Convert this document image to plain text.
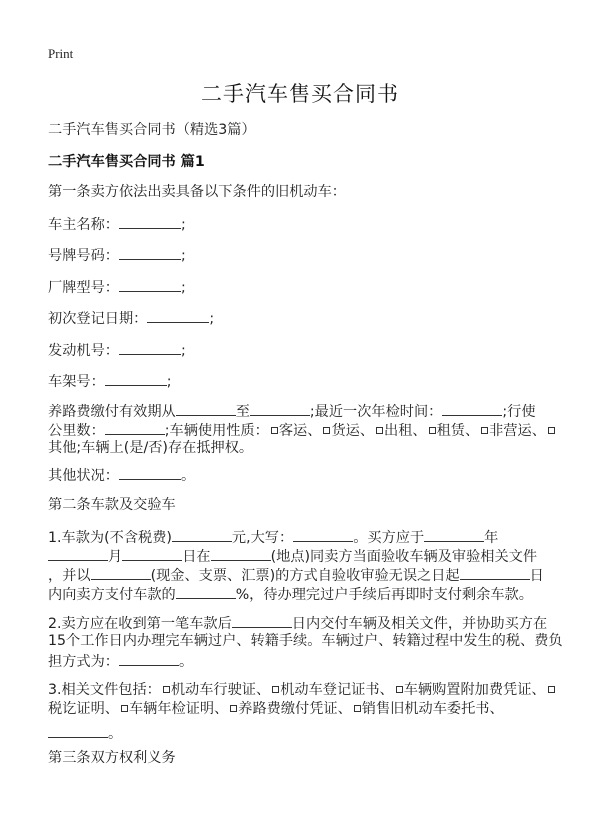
Print
二手汽车售买合同书
二手汽车售买合同书（精选3篇）
二手汽车售买合同书 篇1
第一条卖方依法出卖具备以下条件的旧机动车：
车主名称：	;
号牌号码：	;
厂牌型号：	;
初次登记日期：	;
发动机号：	;
车架号：	;
养路费缴付有效期从	至	;最近一次年检时间：	;行使
公里数：	;车辆使用性质： 客运、 货运、 出租、 租赁、 非营运、
其他;车辆上(是/否)存在抵押权。
其他状况：	。
第二条车款及交验车
1.车款为(不含税费)	元,大写：	。买方应于	年
月	日在	(地点)同卖方当面验收车辆及审验相关文件
，并以	(现金、支票、汇票)的方式自验收审验无误之日起	日
内向卖方支付车款的	%，待办理完过户手续后再即时支付剩余车款。
2.卖方应在收到第一笔车款后	日内交付车辆及相关文件，并协助买方在
15个工作日内办理完车辆过户、转籍手续。车辆过户、转籍过程中发生的税、费负
担方式为：	。
3.相关文件包括： 机动车行驶证、 机动车登记证书、 车辆购置附加费凭证、
税讫证明、 车辆年检证明、 养路费缴付凭证、 销售旧机动车委托书、
。
第三条双方权利义务
